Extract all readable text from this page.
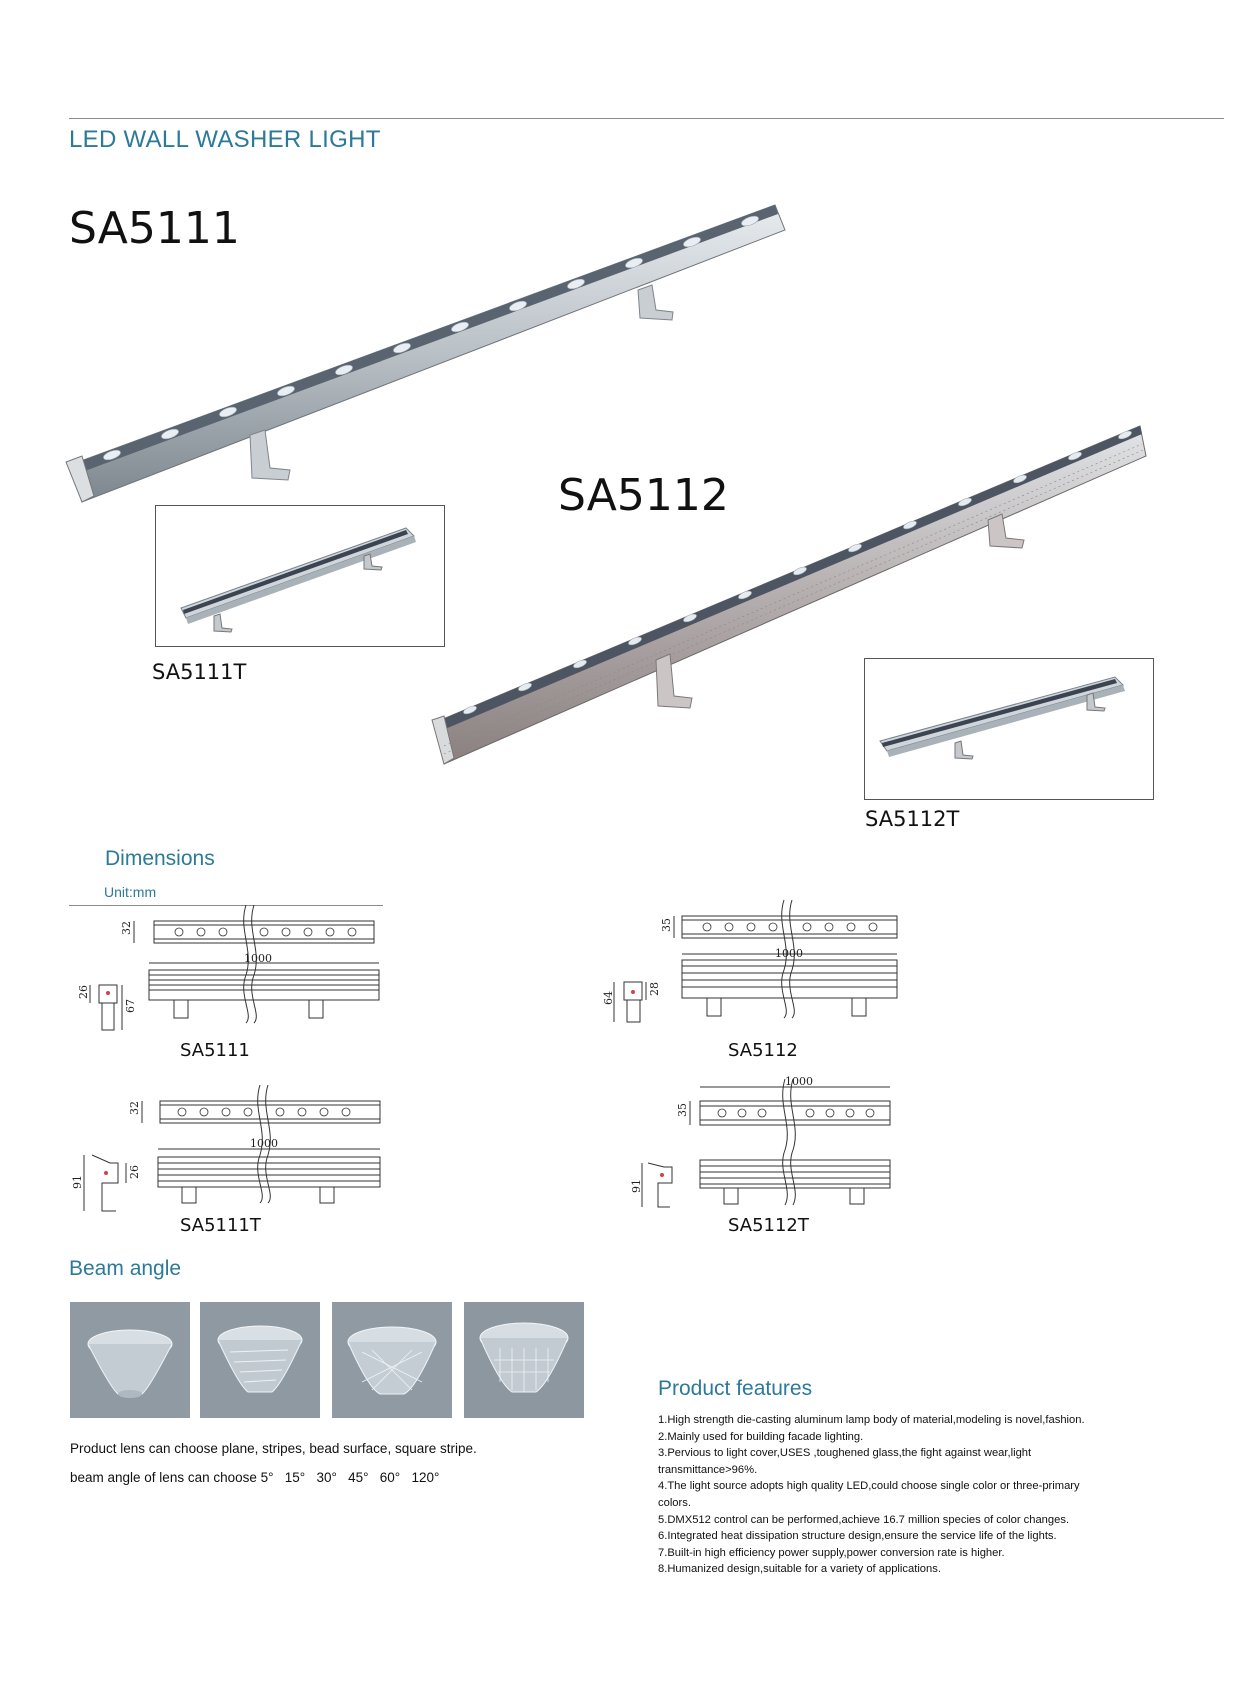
LED WALL WASHER LIGHT
SA5111
SA5111T
SA5112
SA5112T
Dimensions
Unit:mm
1000
32
26
67
SA5111
1000
35
64
28
SA5112
1000
32
91
26
SA5111T
1000
35
91
SA5112T
Beam angle
Product lens can choose plane, stripes, bead surface, square stripe.
beam angle of lens can choose 5°   15°   30°   45°   60°   120°
Product features
1.High strength die-casting aluminum lamp body of material,modeling is novel,fashion.
2.Mainly used for building facade lighting.
3.Pervious to light cover,USES ,toughened glass,the fight against wear,light
transmittance>96%.
4.The light source adopts high quality LED,could choose single color or three-primary
colors.
5.DMX512 control can be performed,achieve 16.7 million species of color changes.
6.Integrated heat dissipation structure design,ensure the service life of the lights.
7.Built-in high efficiency power supply,power conversion rate is higher.
8.Humanized design,suitable for a variety of applications.
